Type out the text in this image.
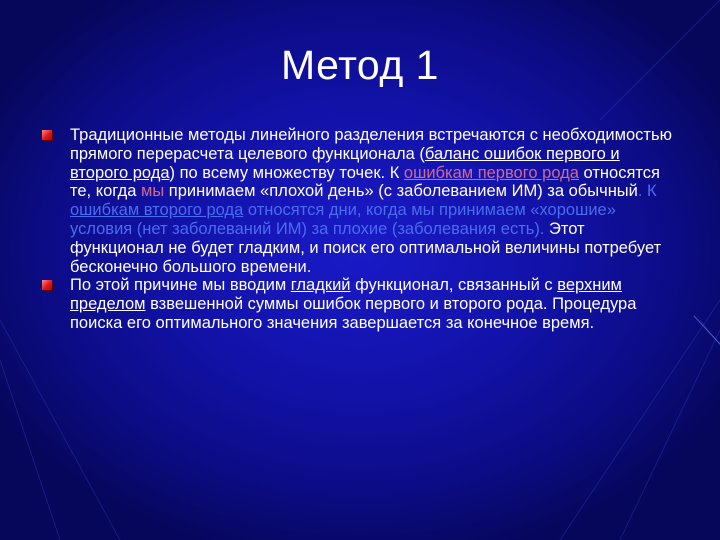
Метод 1
Традиционные методы линейного разделения встречаются с необходимостью прямого перерасчета целевого функционала (баланс ошибок первого и второго рода) по всему множеству точек. К ошибкам первого рода относятся те, когда мы принимаем «плохой день» (с заболеванием ИМ) за обычный. К ошибкам второго рода относятся дни, когда мы принимаем «хорошие» условия (нет заболеваний ИМ) за плохие (заболевания есть). Этот функционал не будет гладким, и поиск его оптимальной величины потребует бесконечно большого времени.
По этой причине мы вводим гладкий функционал, связанный с верхним пределом взвешенной суммы ошибок первого и второго рода. Процедура поиска его оптимального значения завершается за конечное время.
